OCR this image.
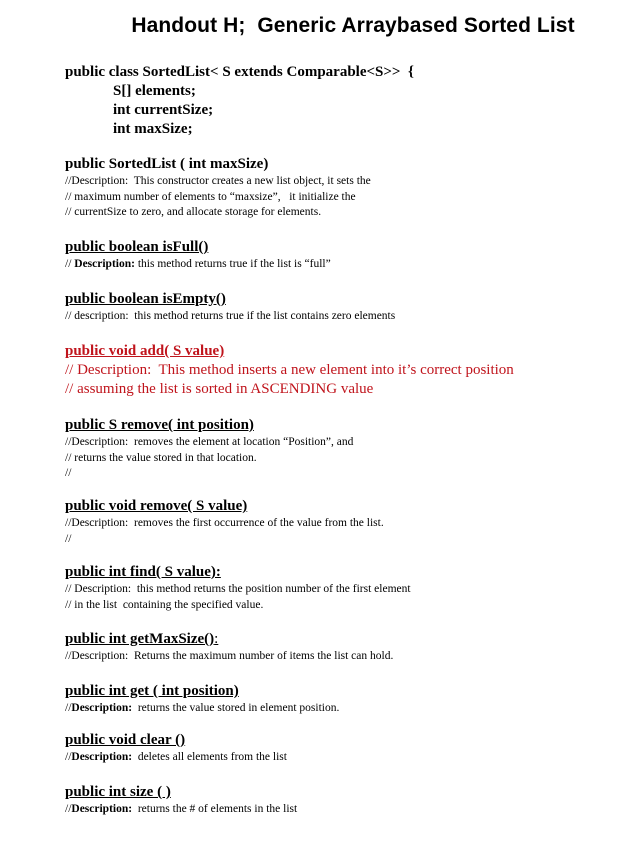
Handout H;  Generic Arraybased Sorted List
public class SortedList< S extends Comparable<S>>  {
S[] elements;
int currentSize;
int maxSize;
public SortedList ( int maxSize)
//Description:  This constructor creates a new list object, it sets the
// maximum number of elements to “maxsize”,   it initialize the
// currentSize to zero, and allocate storage for elements.
public boolean isFull()
// Description: this method returns true if the list is “full”
public boolean isEmpty()
// description:  this method returns true if the list contains zero elements
public void add( S value)
// Description:  This method inserts a new element into it’s correct position
// assuming the list is sorted in ASCENDING value
public S remove( int position)
//Description:  removes the element at location “Position”, and
// returns the value stored in that location.
//
public void remove( S value)
//Description:  removes the first occurrence of the value from the list.
//
public int find( S value):
// Description:  this method returns the position number of the first element
// in the list  containing the specified value.
public int getMaxSize():
//Description:  Returns the maximum number of items the list can hold.
public int get ( int position)
//Description:  returns the value stored in element position.
public void clear ()
//Description:  deletes all elements from the list
public int size ( )
//Description:  returns the # of elements in the list
